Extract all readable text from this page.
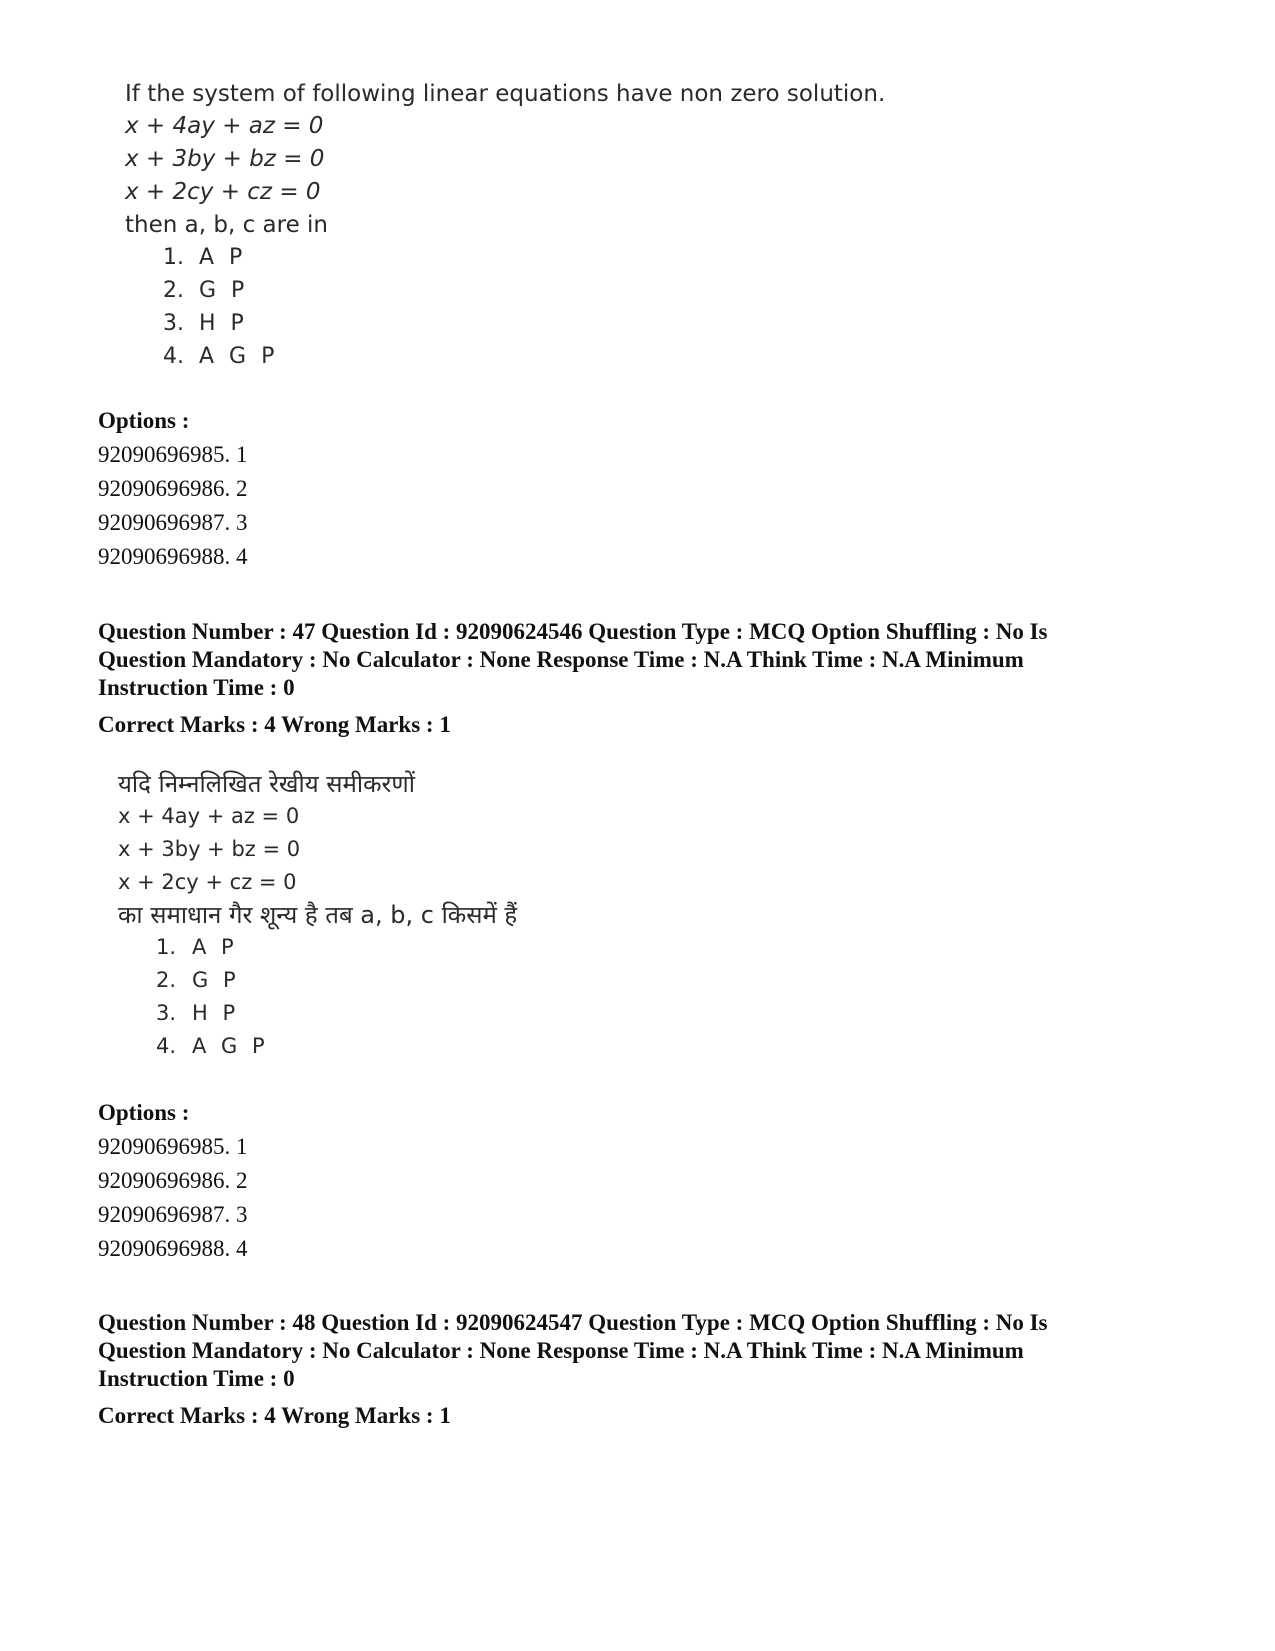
If the system of following linear equations have non zero solution.
x + 4ay + az = 0
x + 3by + bz = 0
x + 2cy + cz = 0
then a, b, c are in
1. A P
2. G P
3. H P
4. A G P
Options :
92090696985. 1
92090696986. 2
92090696987. 3
92090696988. 4
Question Number : 47 Question Id : 92090624546 Question Type : MCQ Option Shuffling : No Is
Question Mandatory : No Calculator : None Response Time : N.A Think Time : N.A Minimum
Instruction Time : 0
Correct Marks : 4 Wrong Marks : 1
यदि निम्नलिखित रेखीय समीकरणों
x + 4ay + az = 0
x + 3by + bz = 0
x + 2cy + cz = 0
का समाधान गैर शून्य है तब a, b, c किसमें हैं
1. A P
2. G P
3. H P
4. A G P
Options :
92090696985. 1
92090696986. 2
92090696987. 3
92090696988. 4
Question Number : 48 Question Id : 92090624547 Question Type : MCQ Option Shuffling : No Is
Question Mandatory : No Calculator : None Response Time : N.A Think Time : N.A Minimum
Instruction Time : 0
Correct Marks : 4 Wrong Marks : 1
